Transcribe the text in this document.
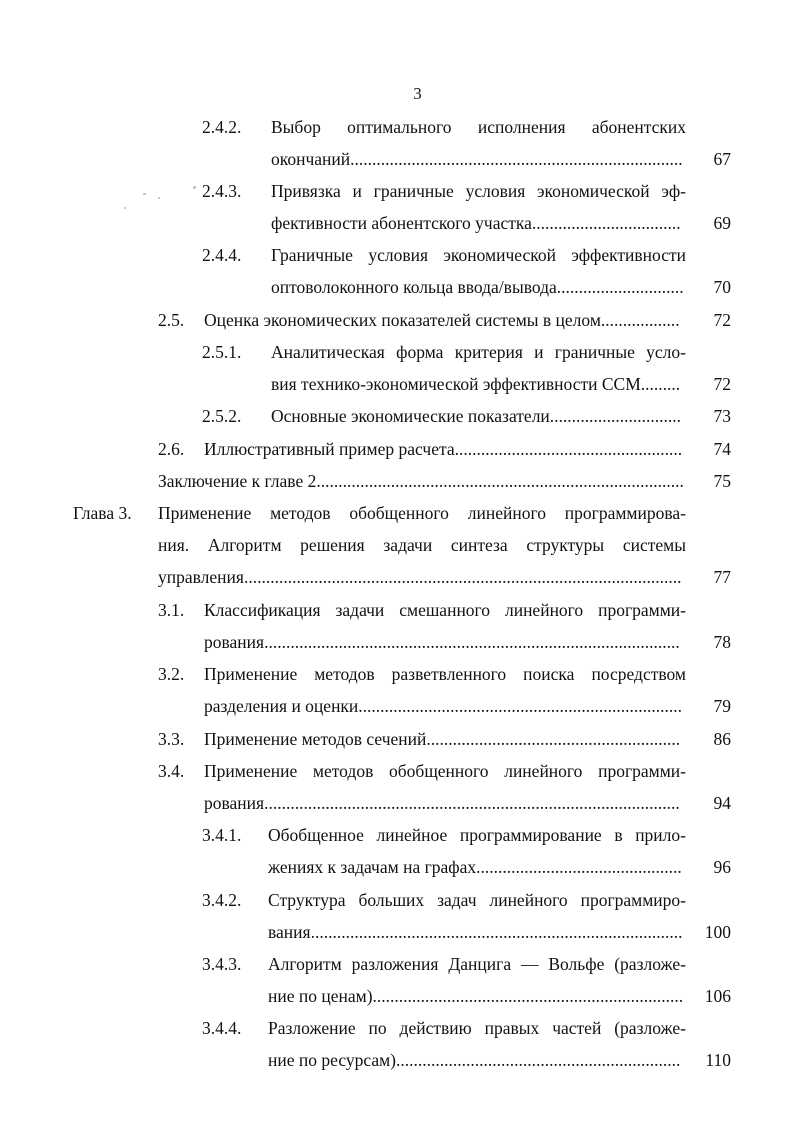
3
2.4.2. Выбор оптимального исполнения абонентских
окончаний............................................................................ 67
2.4.3. Привязка и граничные условия экономической эф-
фективности абонентского участка.................................. 69
2.4.4. Граничные условия экономической эффективности
оптоволоконного кольца ввода/вывода............................. 70
2.5. Оценка экономических показателей системы в целом.................. 72
2.5.1. Аналитическая форма критерия и граничные усло-
вия технико-экономической эффективности ССМ......... 72
2.5.2. Основные экономические показатели.............................. 73
2.6. Иллюстративный пример расчета.................................................... 74
Заключение к главе 2.................................................................................... 75
Глава 3. Применение методов обобщенного линейного программирова-
ния. Алгоритм решения задачи синтеза структуры системы
управления.................................................................................................... 77
3.1. Классификация задачи смешанного линейного программи-
рования............................................................................................... 78
3.2. Применение методов разветвленного поиска посредством
разделения и оценки.......................................................................... 79
3.3. Применение методов сечений.......................................................... 86
3.4. Применение методов обобщенного линейного программи-
рования............................................................................................... 94
3.4.1. Обобщенное линейное программирование в прило-
жениях к задачам на графах............................................... 96
3.4.2. Структура больших задач линейного программиро-
вания..................................................................................... 100
3.4.3. Алгоритм разложения Данцига — Вольфе (разложе-
ние по ценам)....................................................................... 106
3.4.4. Разложение по действию правых частей (разложе-
ние по ресурсам)................................................................. 110
